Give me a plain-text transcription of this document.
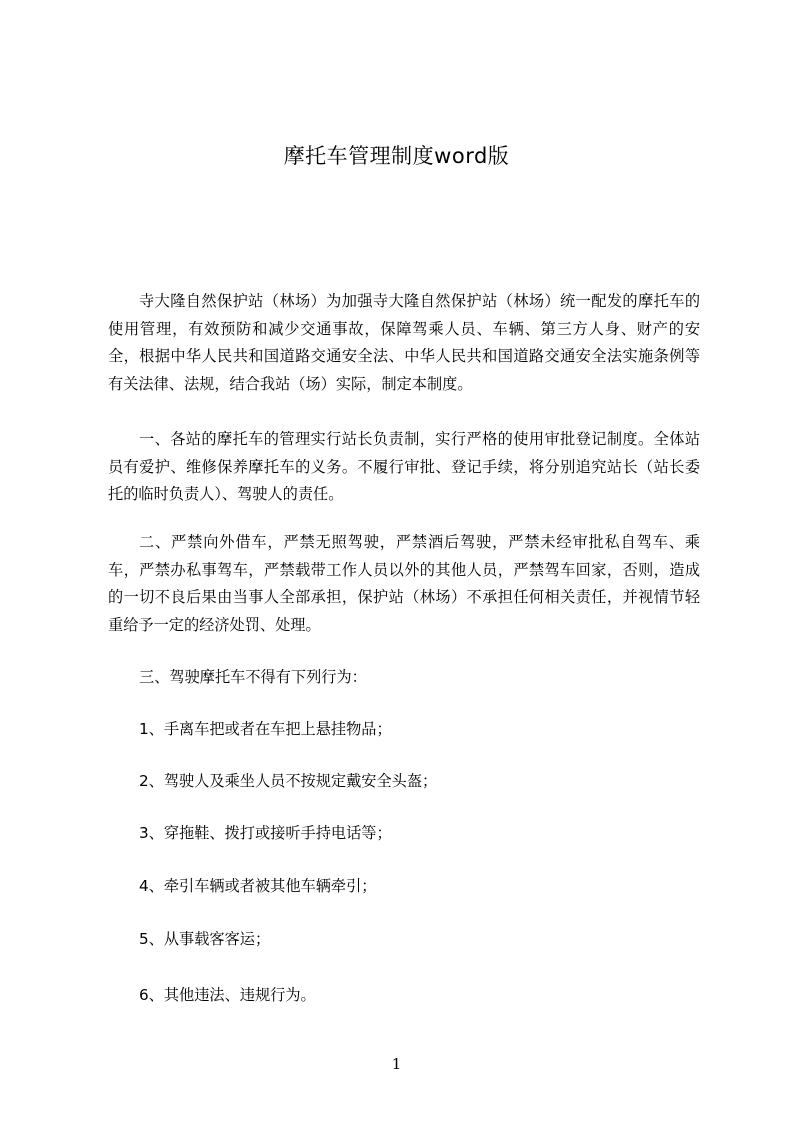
摩托车管理制度word版
寺大隆自然保护站（林场）为加强寺大隆自然保护站（林场）统一配发的摩托车的使用管理，有效预防和减少交通事故，保障驾乘人员、车辆、第三方人身、财产的安全，根据中华人民共和国道路交通安全法、中华人民共和国道路交通安全法实施条例等有关法律、法规，结合我站（场）实际，制定本制度。
一、各站的摩托车的管理实行站长负责制，实行严格的使用审批登记制度。全体站员有爱护、维修保养摩托车的义务。不履行审批、登记手续，将分别追究站长（站长委托的临时负责人）、驾驶人的责任。
二、严禁向外借车，严禁无照驾驶，严禁酒后驾驶，严禁未经审批私自驾车、乘车，严禁办私事驾车，严禁载带工作人员以外的其他人员，严禁驾车回家，否则，造成的一切不良后果由当事人全部承担，保护站（林场）不承担任何相关责任，并视情节轻重给予一定的经济处罚、处理。
三、驾驶摩托车不得有下列行为：
1、手离车把或者在车把上悬挂物品；
2、驾驶人及乘坐人员不按规定戴安全头盔；
3、穿拖鞋、拨打或接听手持电话等；
4、牵引车辆或者被其他车辆牵引；
5、从事载客客运；
6、其他违法、违规行为。
1
